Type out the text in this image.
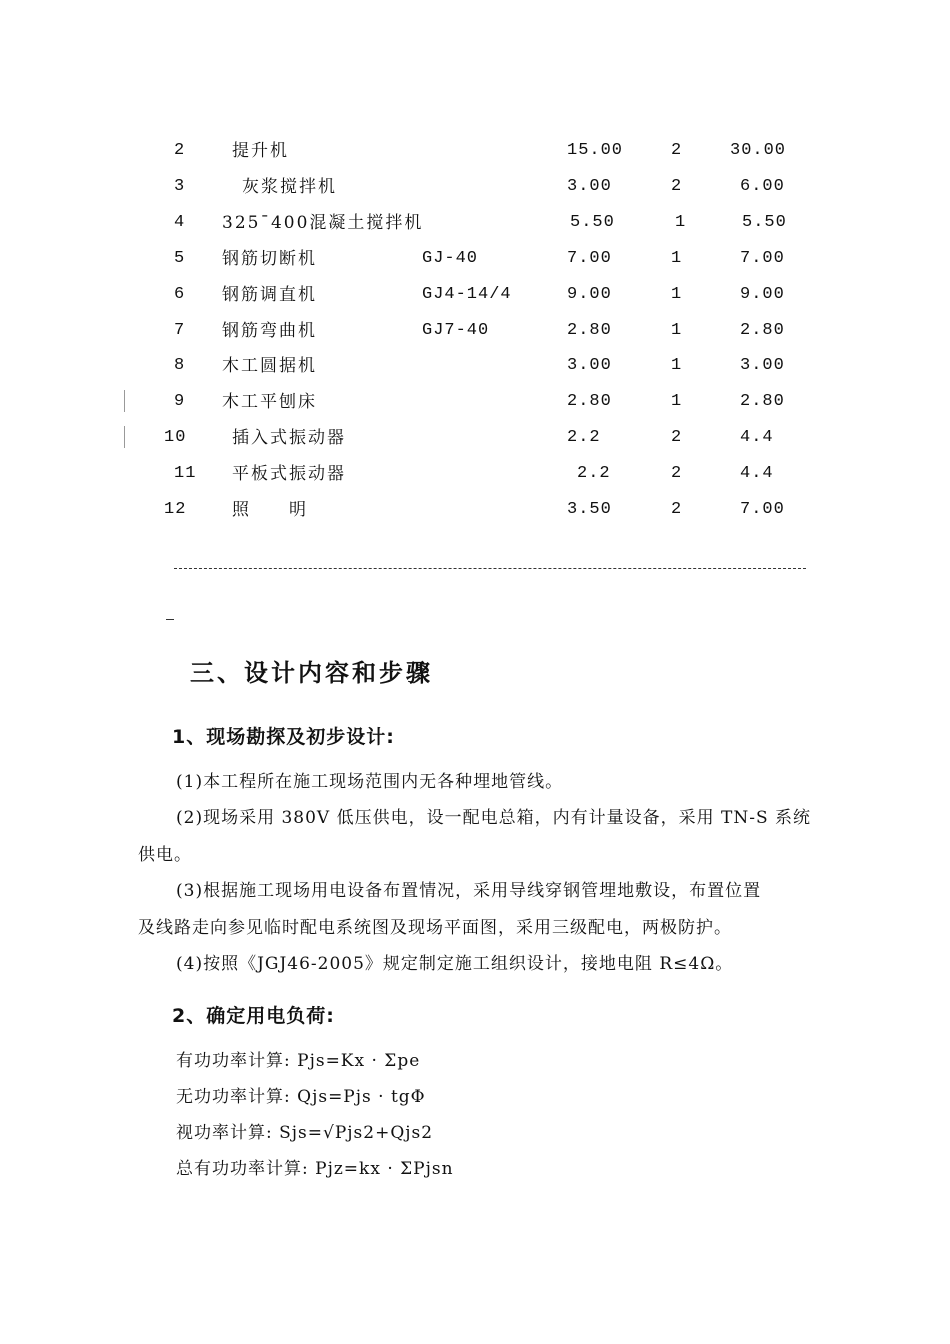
2	提升机	15.00	2	30.00
3	灰浆搅拌机	3.00	2	6.00
4 325¯400混凝土搅拌机	5.50	1	5.50
5 钢筋切断机	GJ-40	7.00	1	7.00
6 钢筋调直机	GJ4-14/4	9.00	1	9.00
7 钢筋弯曲机	GJ7-40	2.80	1	2.80
8 木工圆据机	3.00	1	3.00
9 木工平刨床	2.80	1	2.80
10	插入式振动器	2.2	2	4.4
11 平板式振动器	2.2	2	4.4
12	照　　明	3.50	2	7.00
三、设计内容和步骤
1、现场勘探及初步设计:
(1)本工程所在施工现场范围内无各种埋地管线。
(2)现场采用 380V 低压供电，设一配电总箱，内有计量设备，采用 TN-S 系统
供电。
(3)根据施工现场用电设备布置情况，采用导线穿钢管埋地敷设，布置位置
及线路走向参见临时配电系统图及现场平面图，采用三级配电，两极防护。
(4)按照《JGJ46-2005》规定制定施工组织设计，接地电阻 R≤4Ω。
2、确定用电负荷:
有功功率计算: Pjs=Kx · Σpe
无功功率计算: Qjs=Pjs · tgΦ
视功率计算: Sjs=√Pjs2+Qjs2
总有功功率计算: Pjz=kx · ΣPjsn
